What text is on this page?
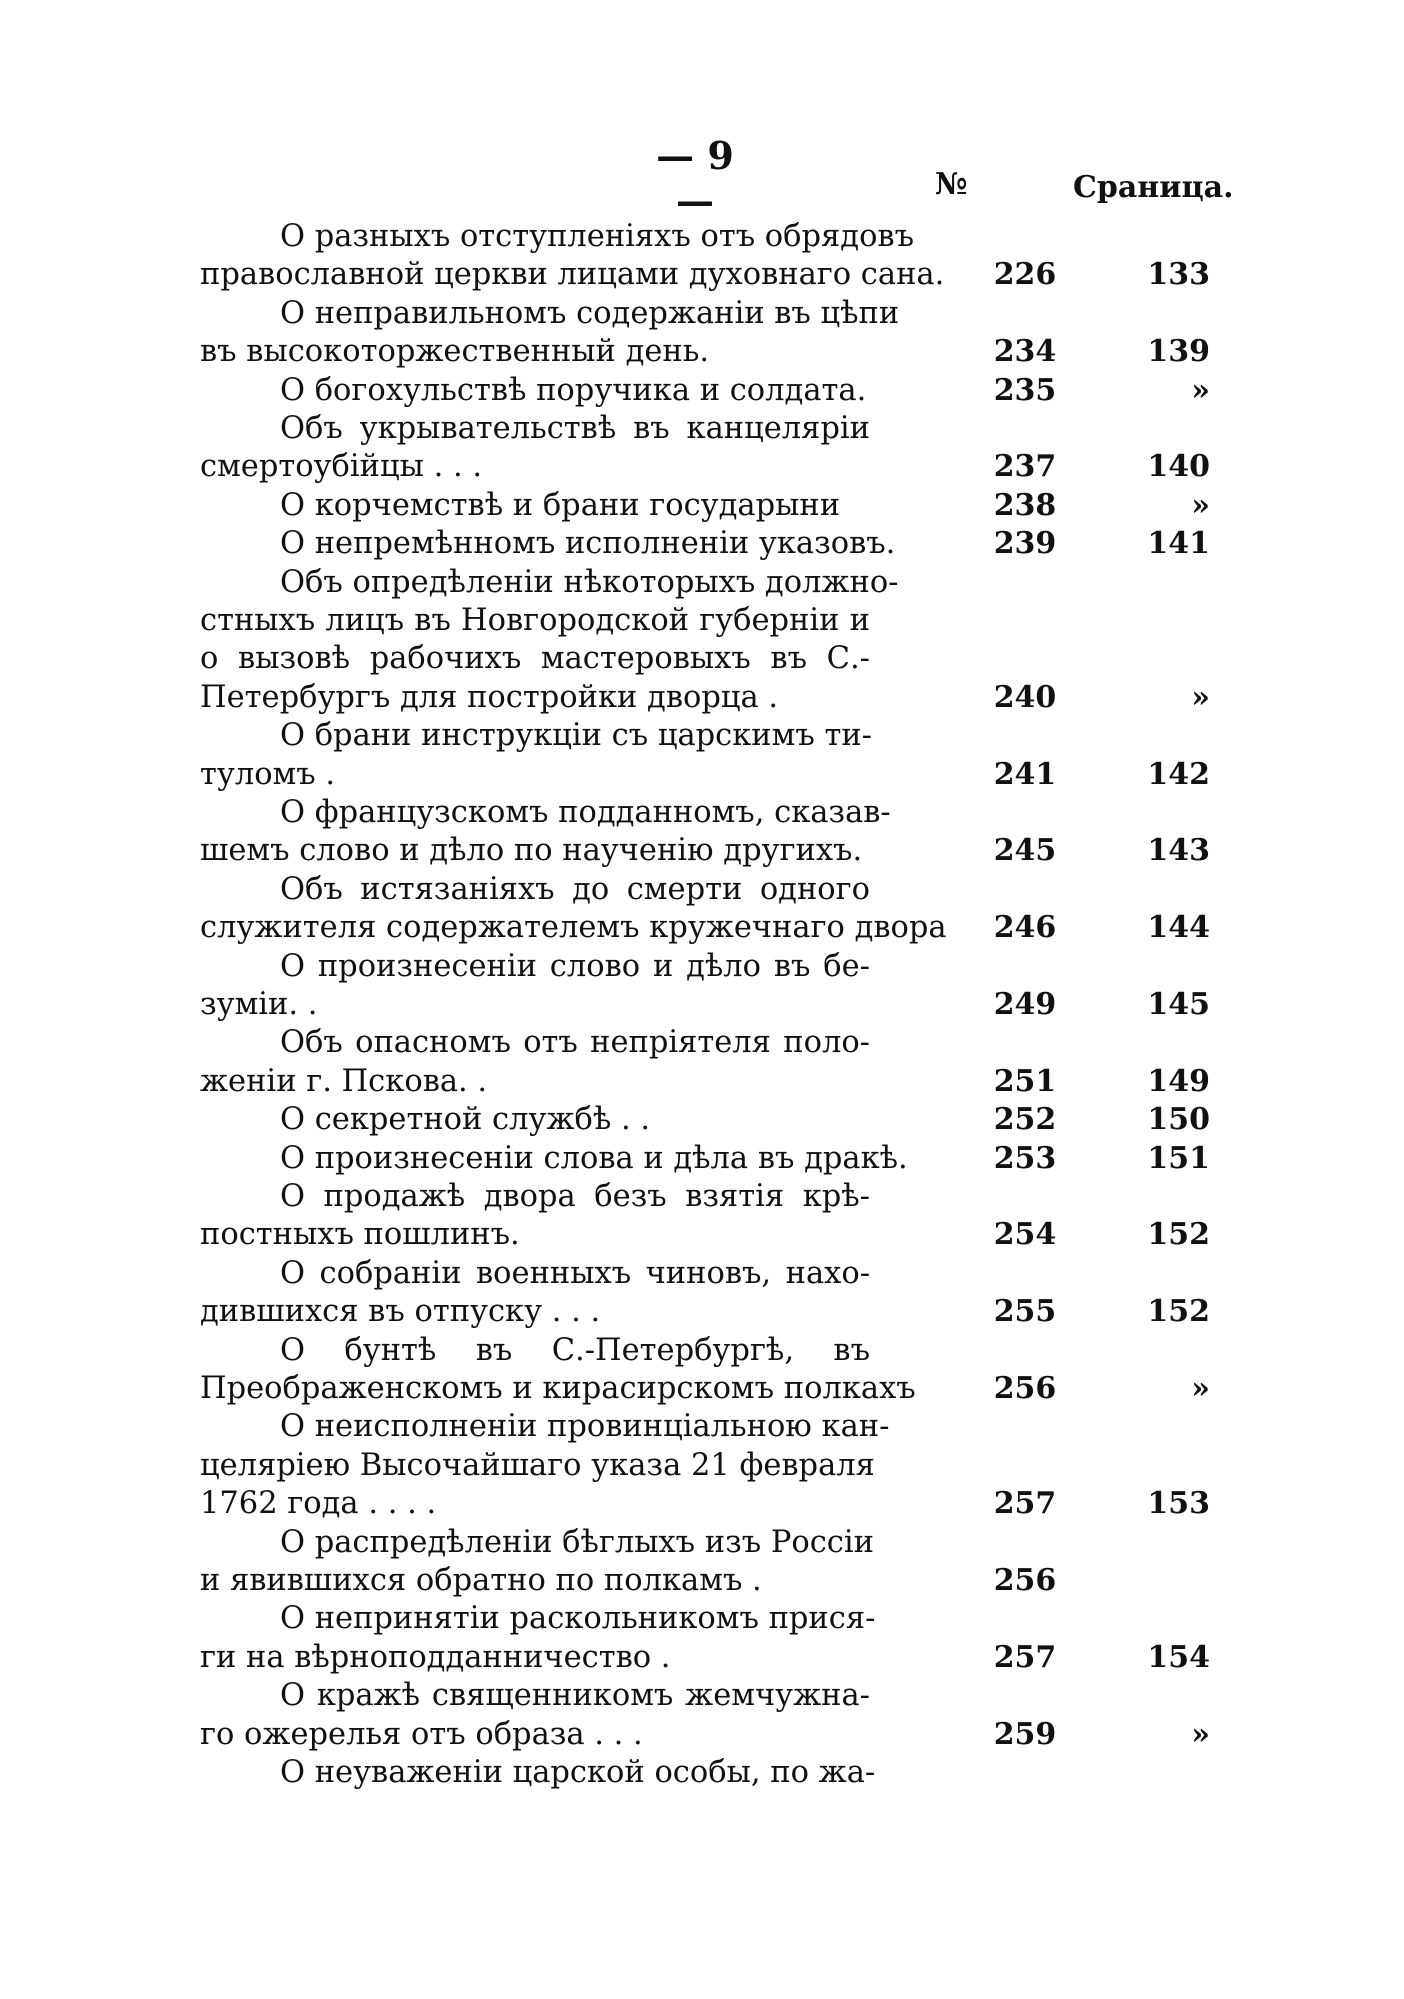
— 9 —	№	Сраница.
О разныхъ отступленіяхъ отъ обрядовъ
православной церкви лицами духовнаго сана.	226	133
О неправильномъ содержаніи въ цѣпи
въ высокоторжественный день.	234	139
О богохульствѣ поручика и солдата.	235	»
Объ укрывательствѣ въ канцеляріи
смертоубійцы . . .	237	140
О корчемствѣ и брани государыни	238	»
О непремѣнномъ исполненіи указовъ.	239	141
Объ опредѣленіи нѣкоторыхъ должно-
стныхъ лицъ въ Новгородской губерніи и
о вызовѣ рабочихъ мастеровыхъ въ С.-
Петербургъ для постройки дворца .	240	»
О брани инструкціи съ царскимъ ти-
туломъ .	241	142
О французскомъ подданномъ, сказав-
шемъ слово и дѣло по наученію другихъ.	245	143
Объ истязаніяхъ до смерти одного
служителя содержателемъ кружечнаго двора	246	144
О произнесеніи слово и дѣло въ бе-
зуміи. .	249	145
Объ опасномъ отъ непріятеля поло-
женіи г. Пскова. .	251	149
О секретной службѣ . .	252	150
О произнесеніи слова и дѣла въ дракѣ.	253	151
О продажѣ двора безъ взятія крѣ-
постныхъ пошлинъ.	254	152
О собраніи военныхъ чиновъ, нахо-
дившихся въ отпуску . . .	255	152
О бунтѣ въ С.-Петербургѣ, въ
Преображенскомъ и кирасирскомъ полкахъ	256	»
О неисполненіи провинціальною кан-
целяріею Высочайшаго указа 21 февраля
1762 года . . . .	257	153
О распредѣленіи бѣглыхъ изъ Россіи
и явившихся обратно по полкамъ .	256
О непринятіи раскольникомъ прися-
ги на вѣрноподданничество .	257	154
О кражѣ священникомъ жемчужна-
го ожерелья отъ образа . . .	259	»
О неуваженіи царской особы, по жа-
